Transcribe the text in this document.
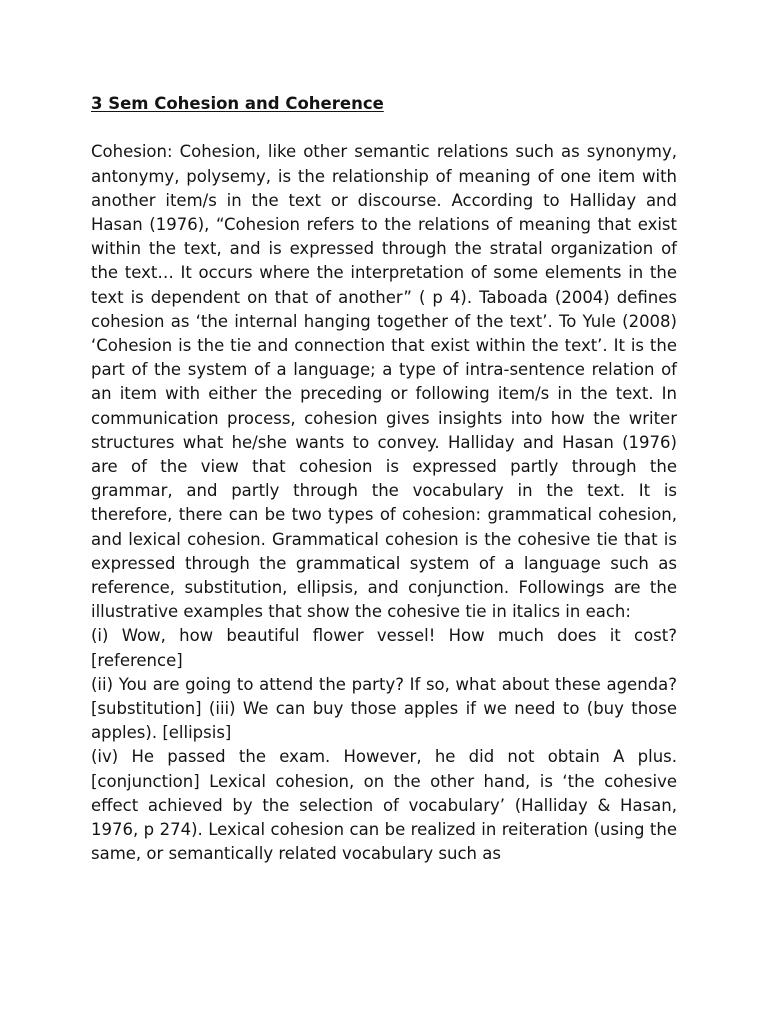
3 Sem Cohesion and Coherence

Cohesion: Cohesion, like other semantic relations such as synonymy, antonymy, polysemy, is the relationship of meaning of one item with another item/s in the text or discourse. According to Halliday and Hasan (1976), “Cohesion refers to the relations of meaning that exist within the text, and is expressed through the stratal organization of the text… It occurs where the interpretation of some elements in the text is dependent on that of another” ( p 4). Taboada (2004) defines cohesion as ‘the internal hanging together of the text’. To Yule (2008) ‘Cohesion is the tie and connection that exist within the text’. It is the part of the system of a language; a type of intra-sentence relation of an item with either the preceding or following item/s in the text. In communication process, cohesion gives insights into how the writer structures what he/she wants to convey. Halliday and Hasan (1976) are of the view that cohesion is expressed partly through the grammar, and partly through the vocabulary in the text. It is therefore, there can be two types of cohesion: grammatical cohesion, and lexical cohesion. Grammatical cohesion is the cohesive tie that is expressed through the grammatical system of a language such as reference, substitution, ellipsis, and conjunction. Followings are the illustrative examples that show the cohesive tie in italics in each:

(i) Wow, how beautiful flower vessel! How much does it cost? [reference]

(ii) You are going to attend the party? If so, what about these agenda? [substitution] (iii) We can buy those apples if we need to (buy those apples). [ellipsis]

(iv) He passed the exam. However, he did not obtain A plus. [conjunction] Lexical cohesion, on the other hand, is ‘the cohesive effect achieved by the selection of vocabulary’ (Halliday & Hasan, 1976, p 274). Lexical cohesion can be realized in reiteration (using the same, or semantically related vocabulary such as
